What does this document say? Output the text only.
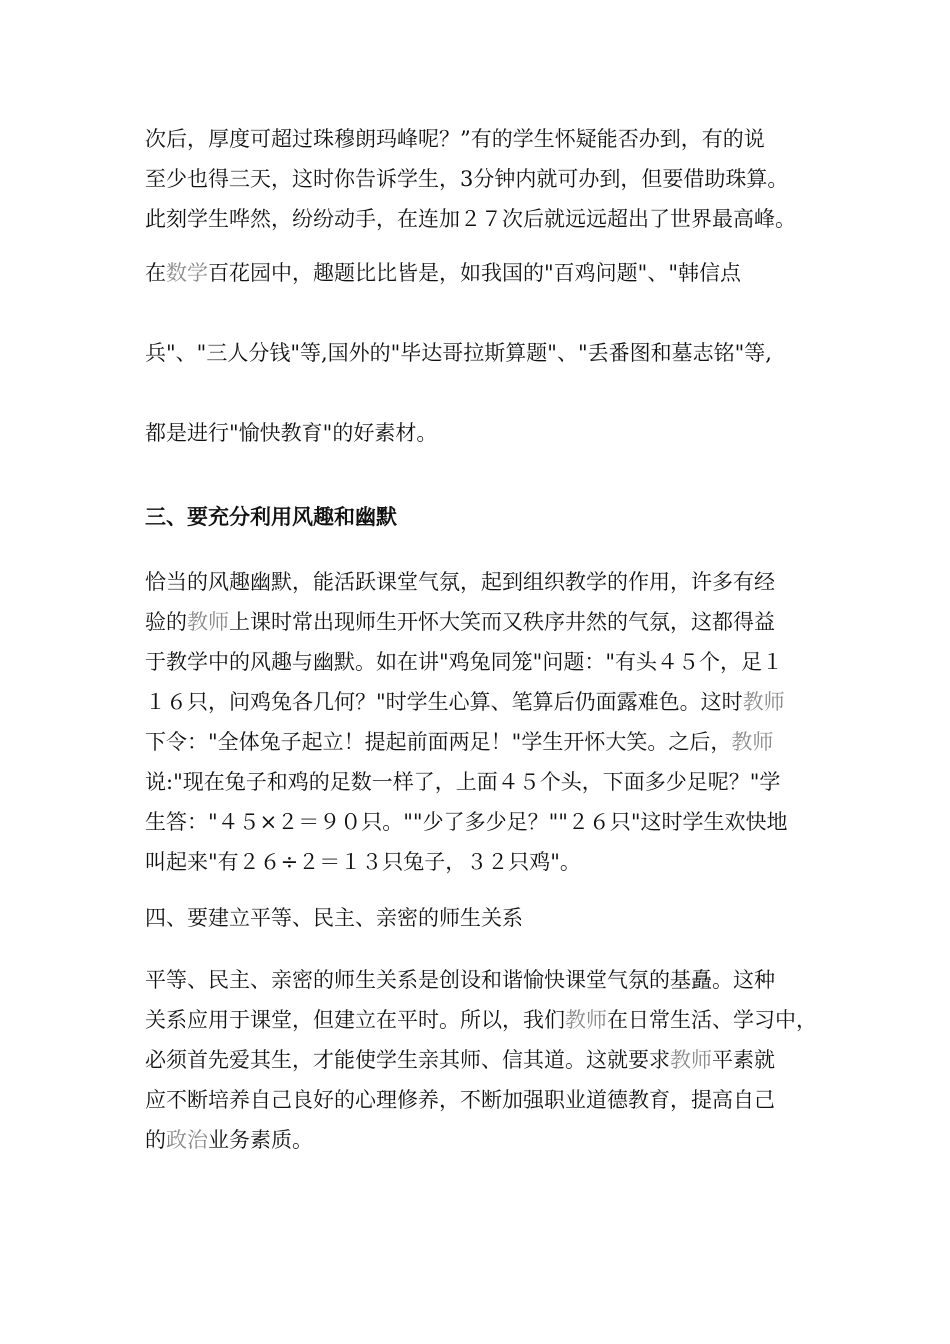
次后，厚度可超过珠穆朗玛峰呢？”有的学生怀疑能否办到，有的说
至少也得三天，这时你告诉学生，3分钟内就可办到，但要借助珠算。
此刻学生哗然，纷纷动手，在连加２７次后就远远超出了世界最高峰。
在数学百花园中，趣题比比皆是，如我国的"百鸡问题"、"韩信点
兵"、"三人分钱"等,国外的"毕达哥拉斯算题"、"丢番图和墓志铭"等,
都是进行"愉快教育"的好素材。
三、要充分利用风趣和幽默
恰当的风趣幽默，能活跃课堂气氛，起到组织教学的作用，许多有经
验的教师上课时常出现师生开怀大笑而又秩序井然的气氛，这都得益
于教学中的风趣与幽默。如在讲"鸡兔同笼"问题："有头４５个，足１
１６只，问鸡兔各几何？"时学生心算、笔算后仍面露难色。这时教师
下令："全体兔子起立！提起前面两足！"学生开怀大笑。之后，教师
说:"现在兔子和鸡的足数一样了，上面４５个头，下面多少足呢？"学
生答："４５×２＝９０只。""少了多少足？""２６只"这时学生欢快地
叫起来"有２６÷２＝１３只兔子，３２只鸡"。
四、要建立平等、民主、亲密的师生关系
平等、民主、亲密的师生关系是创设和谐愉快课堂气氛的基矗。这种
关系应用于课堂，但建立在平时。所以，我们教师在日常生活、学习中，
必须首先爱其生，才能使学生亲其师、信其道。这就要求教师平素就
应不断培养自己良好的心理修养，不断加强职业道德教育，提高自己
的政治业务素质。
